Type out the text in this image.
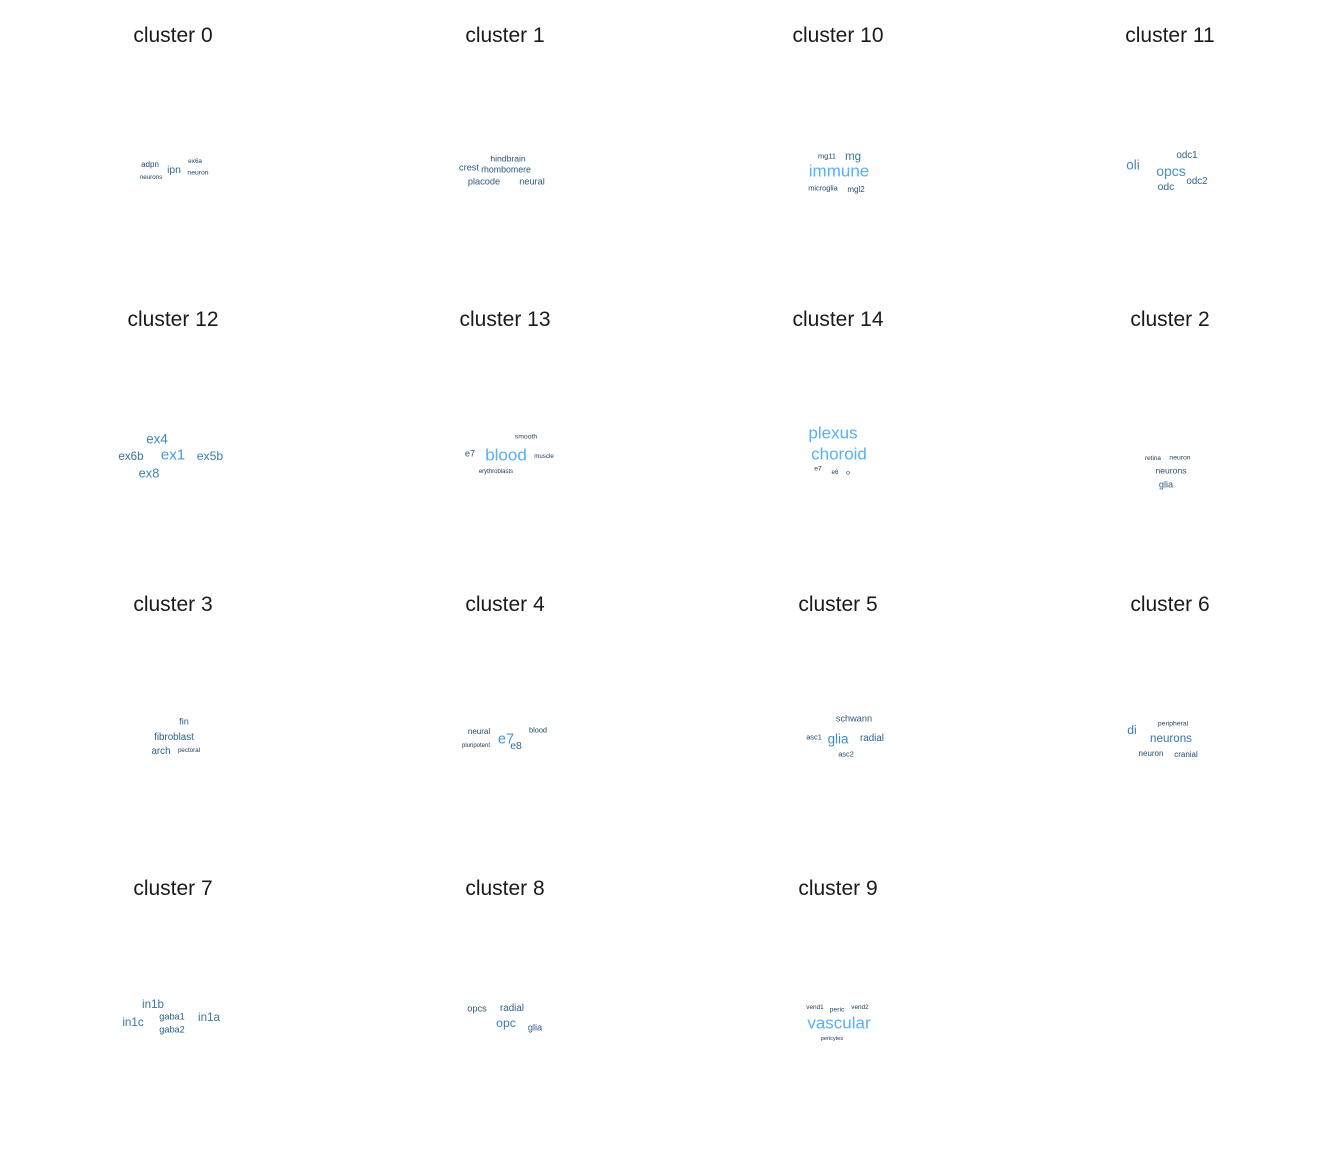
cluster 0
adpn
ipn
ex6a
neurons
neuron
cluster 1
hindbrain
crest rhombomere
placode neural
cluster 10
mg11 mg
immune
microglia mgl2
cluster 11
odc1
oli opcs
odc
odc2
cluster 12
ex4
ex6b ex1 ex5b
ex8
cluster 13
smooth
e7 blood muscle
erythroblasts
cluster 14
plexus
choroid
e7 e6 o
cluster 2
retina neuron
neurons
glia
cluster 3
fin
fibroblast
arch pectoral
cluster 4
neural
e7
blood
pluripotent e8
cluster 5
schwann
asc1 glia radial
asc2
cluster 6
peripheral
di
neurons
neuron cranial
cluster 7
in1b
in1c gaba1 in1a
gaba2
cluster 8
opcs radial
opc glia
cluster 9
vend1 peric vend2
vascular
pericytes
